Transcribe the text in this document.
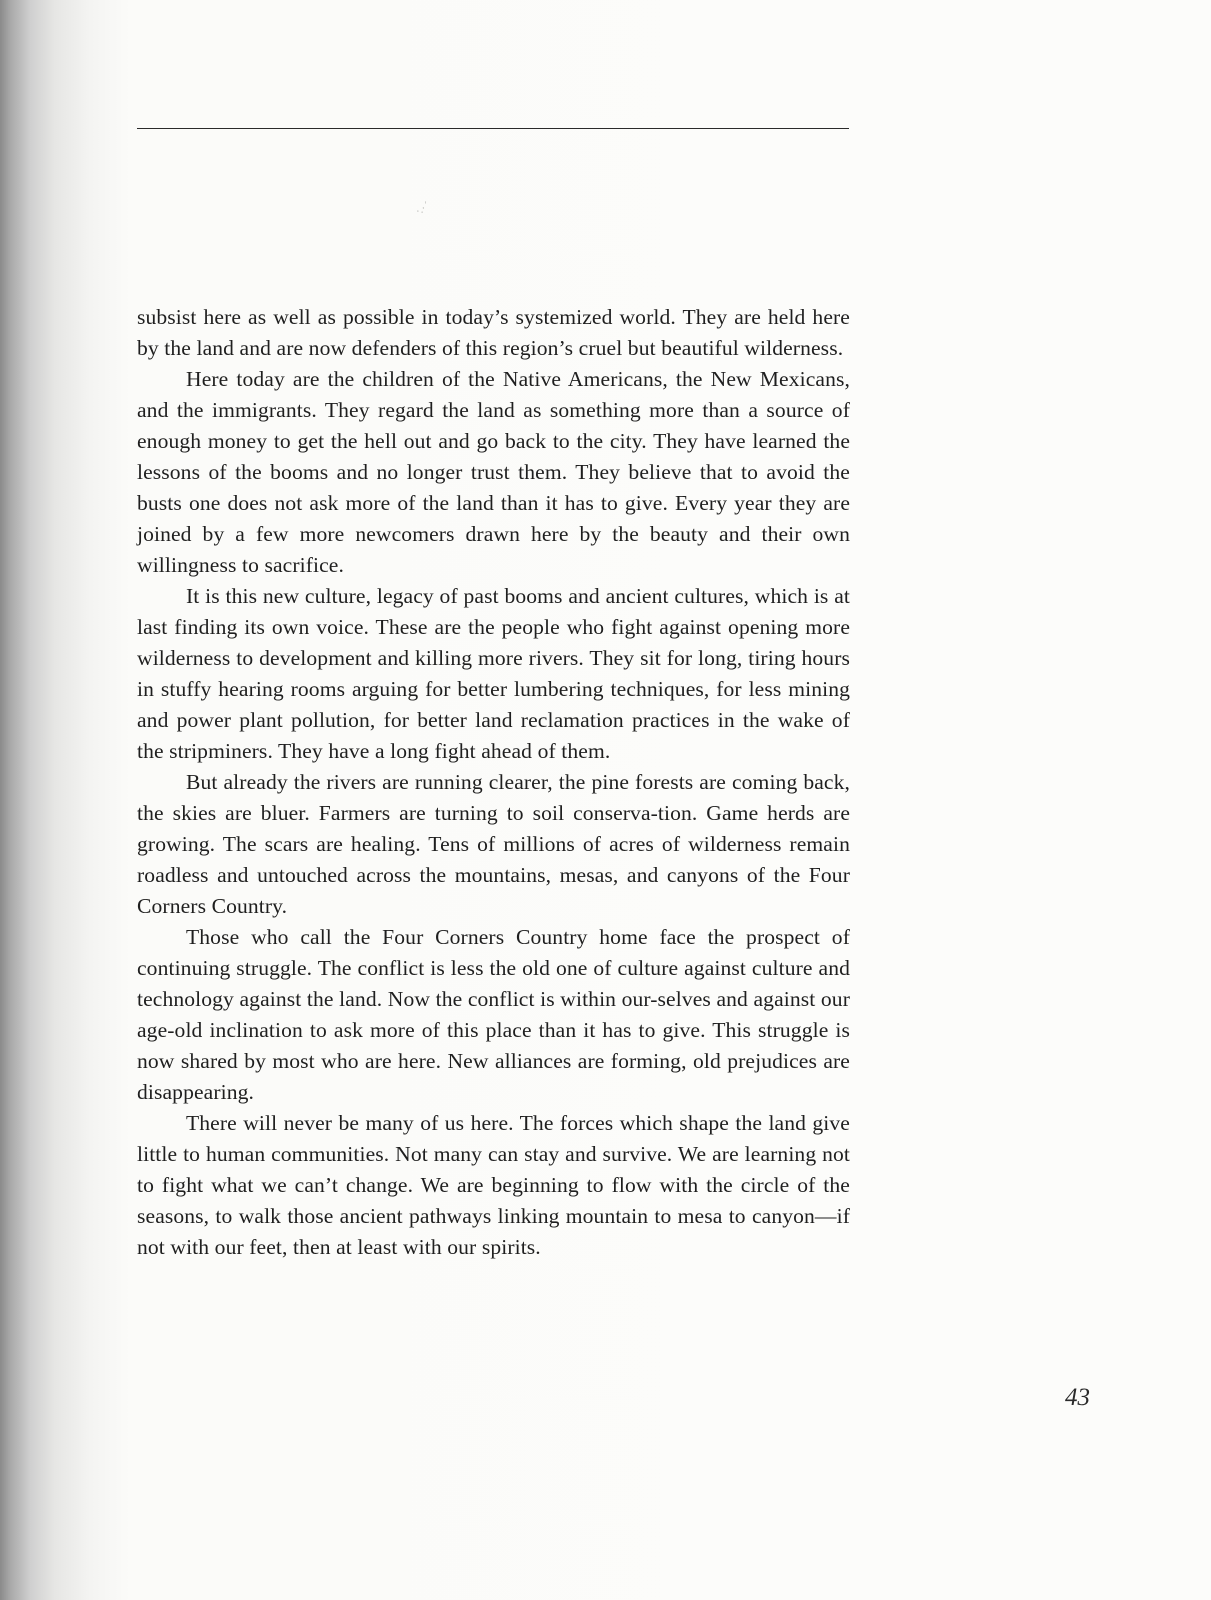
·.·´

subsist here as well as possible in today’s systemized world. They are held here by the land and are now defenders of this region’s cruel but beautiful wilderness.

Here today are the children of the Native Americans, the New Mexicans, and the immigrants. They regard the land as something more than a source of enough money to get the hell out and go back to the city. They have learned the lessons of the booms and no longer trust them. They believe that to avoid the busts one does not ask more of the land than it has to give. Every year they are joined by a few more newcomers drawn here by the beauty and their own willingness to sacrifice.

It is this new culture, legacy of past booms and ancient cultures, which is at last finding its own voice. These are the people who fight against opening more wilderness to development and killing more rivers. They sit for long, tiring hours in stuffy hearing rooms arguing for better lumbering techniques, for less mining and power plant pollution, for better land reclamation practices in the wake of the stripminers. They have a long fight ahead of them.

But already the rivers are running clearer, the pine forests are coming back, the skies are bluer. Farmers are turning to soil conserva-tion. Game herds are growing. The scars are healing. Tens of millions of acres of wilderness remain roadless and untouched across the mountains, mesas, and canyons of the Four Corners Country.

Those who call the Four Corners Country home face the prospect of continuing struggle. The conflict is less the old one of culture against culture and technology against the land. Now the conflict is within our-selves and against our age-old inclination to ask more of this place than it has to give. This struggle is now shared by most who are here. New alliances are forming, old prejudices are disappearing.

There will never be many of us here. The forces which shape the land give little to human communities. Not many can stay and survive. We are learning not to fight what we can’t change. We are beginning to flow with the circle of the seasons, to walk those ancient pathways linking mountain to mesa to canyon—if not with our feet, then at least with our spirits.

43
